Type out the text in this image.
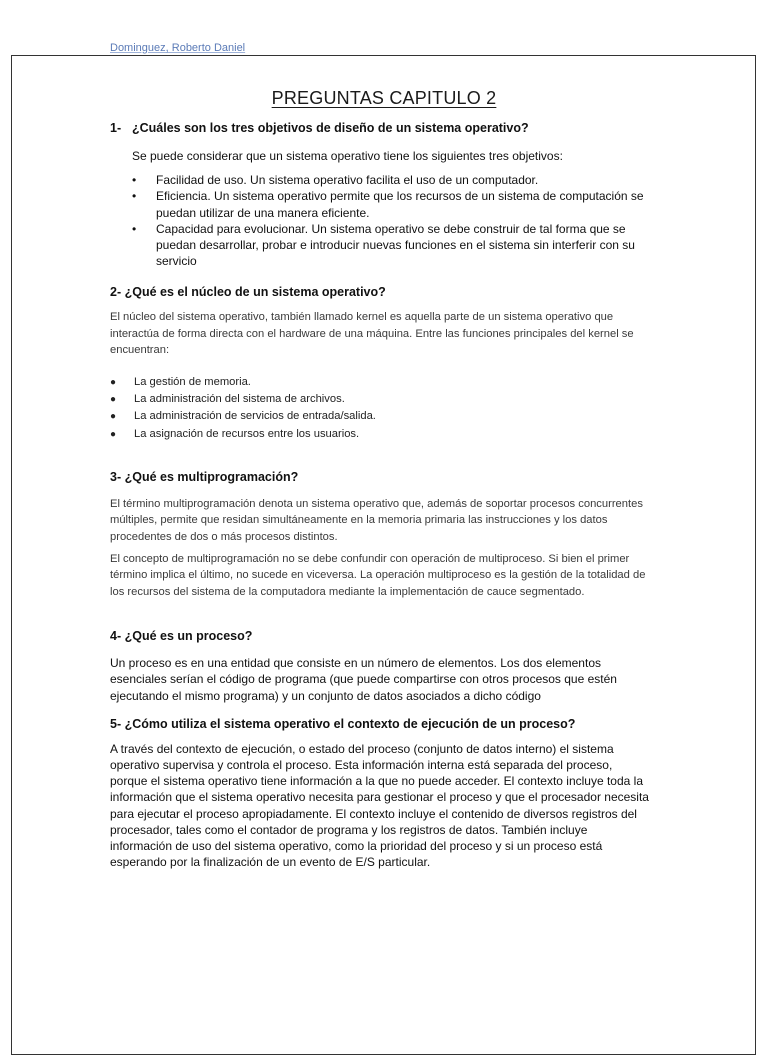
Dominguez, Roberto Daniel
PREGUNTAS CAPITULO 2
1- ¿Cuáles son los tres objetivos de diseño de un sistema operativo?

Se puede considerar que un sistema operativo tiene los siguientes tres objetivos:

• Facilidad de uso. Un sistema operativo facilita el uso de un computador.
• Eficiencia. Un sistema operativo permite que los recursos de un sistema de computación se puedan utilizar de una manera eficiente.
• Capacidad para evolucionar. Un sistema operativo se debe construir de tal forma que se puedan desarrollar, probar e introducir nuevas funciones en el sistema sin interferir con su servicio

2- ¿Qué es el núcleo de un sistema operativo?

El núcleo del sistema operativo, también llamado kernel es aquella parte de un sistema operativo que interactúa de forma directa con el hardware de una máquina. Entre las funciones principales del kernel se encuentran:

● La gestión de memoria.
● La administración del sistema de archivos.
● La administración de servicios de entrada/salida.
● La asignación de recursos entre los usuarios.

3- ¿Qué es multiprogramación?

El término multiprogramación denota un sistema operativo que, además de soportar procesos concurrentes múltiples, permite que residan simultáneamente en la memoria primaria las instrucciones y los datos procedentes de dos o más procesos distintos.

El concepto de multiprogramación no se debe confundir con operación de multiproceso. Si bien el primer término implica el último, no sucede en viceversa. La operación multiproceso es la gestión de la totalidad de los recursos del sistema de la computadora mediante la implementación de cauce segmentado.

4- ¿Qué es un proceso?

Un proceso es en una entidad que consiste en un número de elementos. Los dos elementos esenciales serían el código de programa (que puede compartirse con otros procesos que estén ejecutando el mismo programa) y un conjunto de datos asociados a dicho código

5- ¿Cómo utiliza el sistema operativo el contexto de ejecución de un proceso?

A través del contexto de ejecución, o estado del proceso (conjunto de datos interno) el sistema operativo supervisa y controla el proceso. Esta información interna está separada del proceso, porque el sistema operativo tiene información a la que no puede acceder. El contexto incluye toda la información que el sistema operativo necesita para gestionar el proceso y que el procesador necesita para ejecutar el proceso apropiadamente. El contexto incluye el contenido de diversos registros del procesador, tales como el contador de programa y los registros de datos. También incluye información de uso del sistema operativo, como la prioridad del proceso y si un proceso está esperando por la finalización de un evento de E/S particular.
